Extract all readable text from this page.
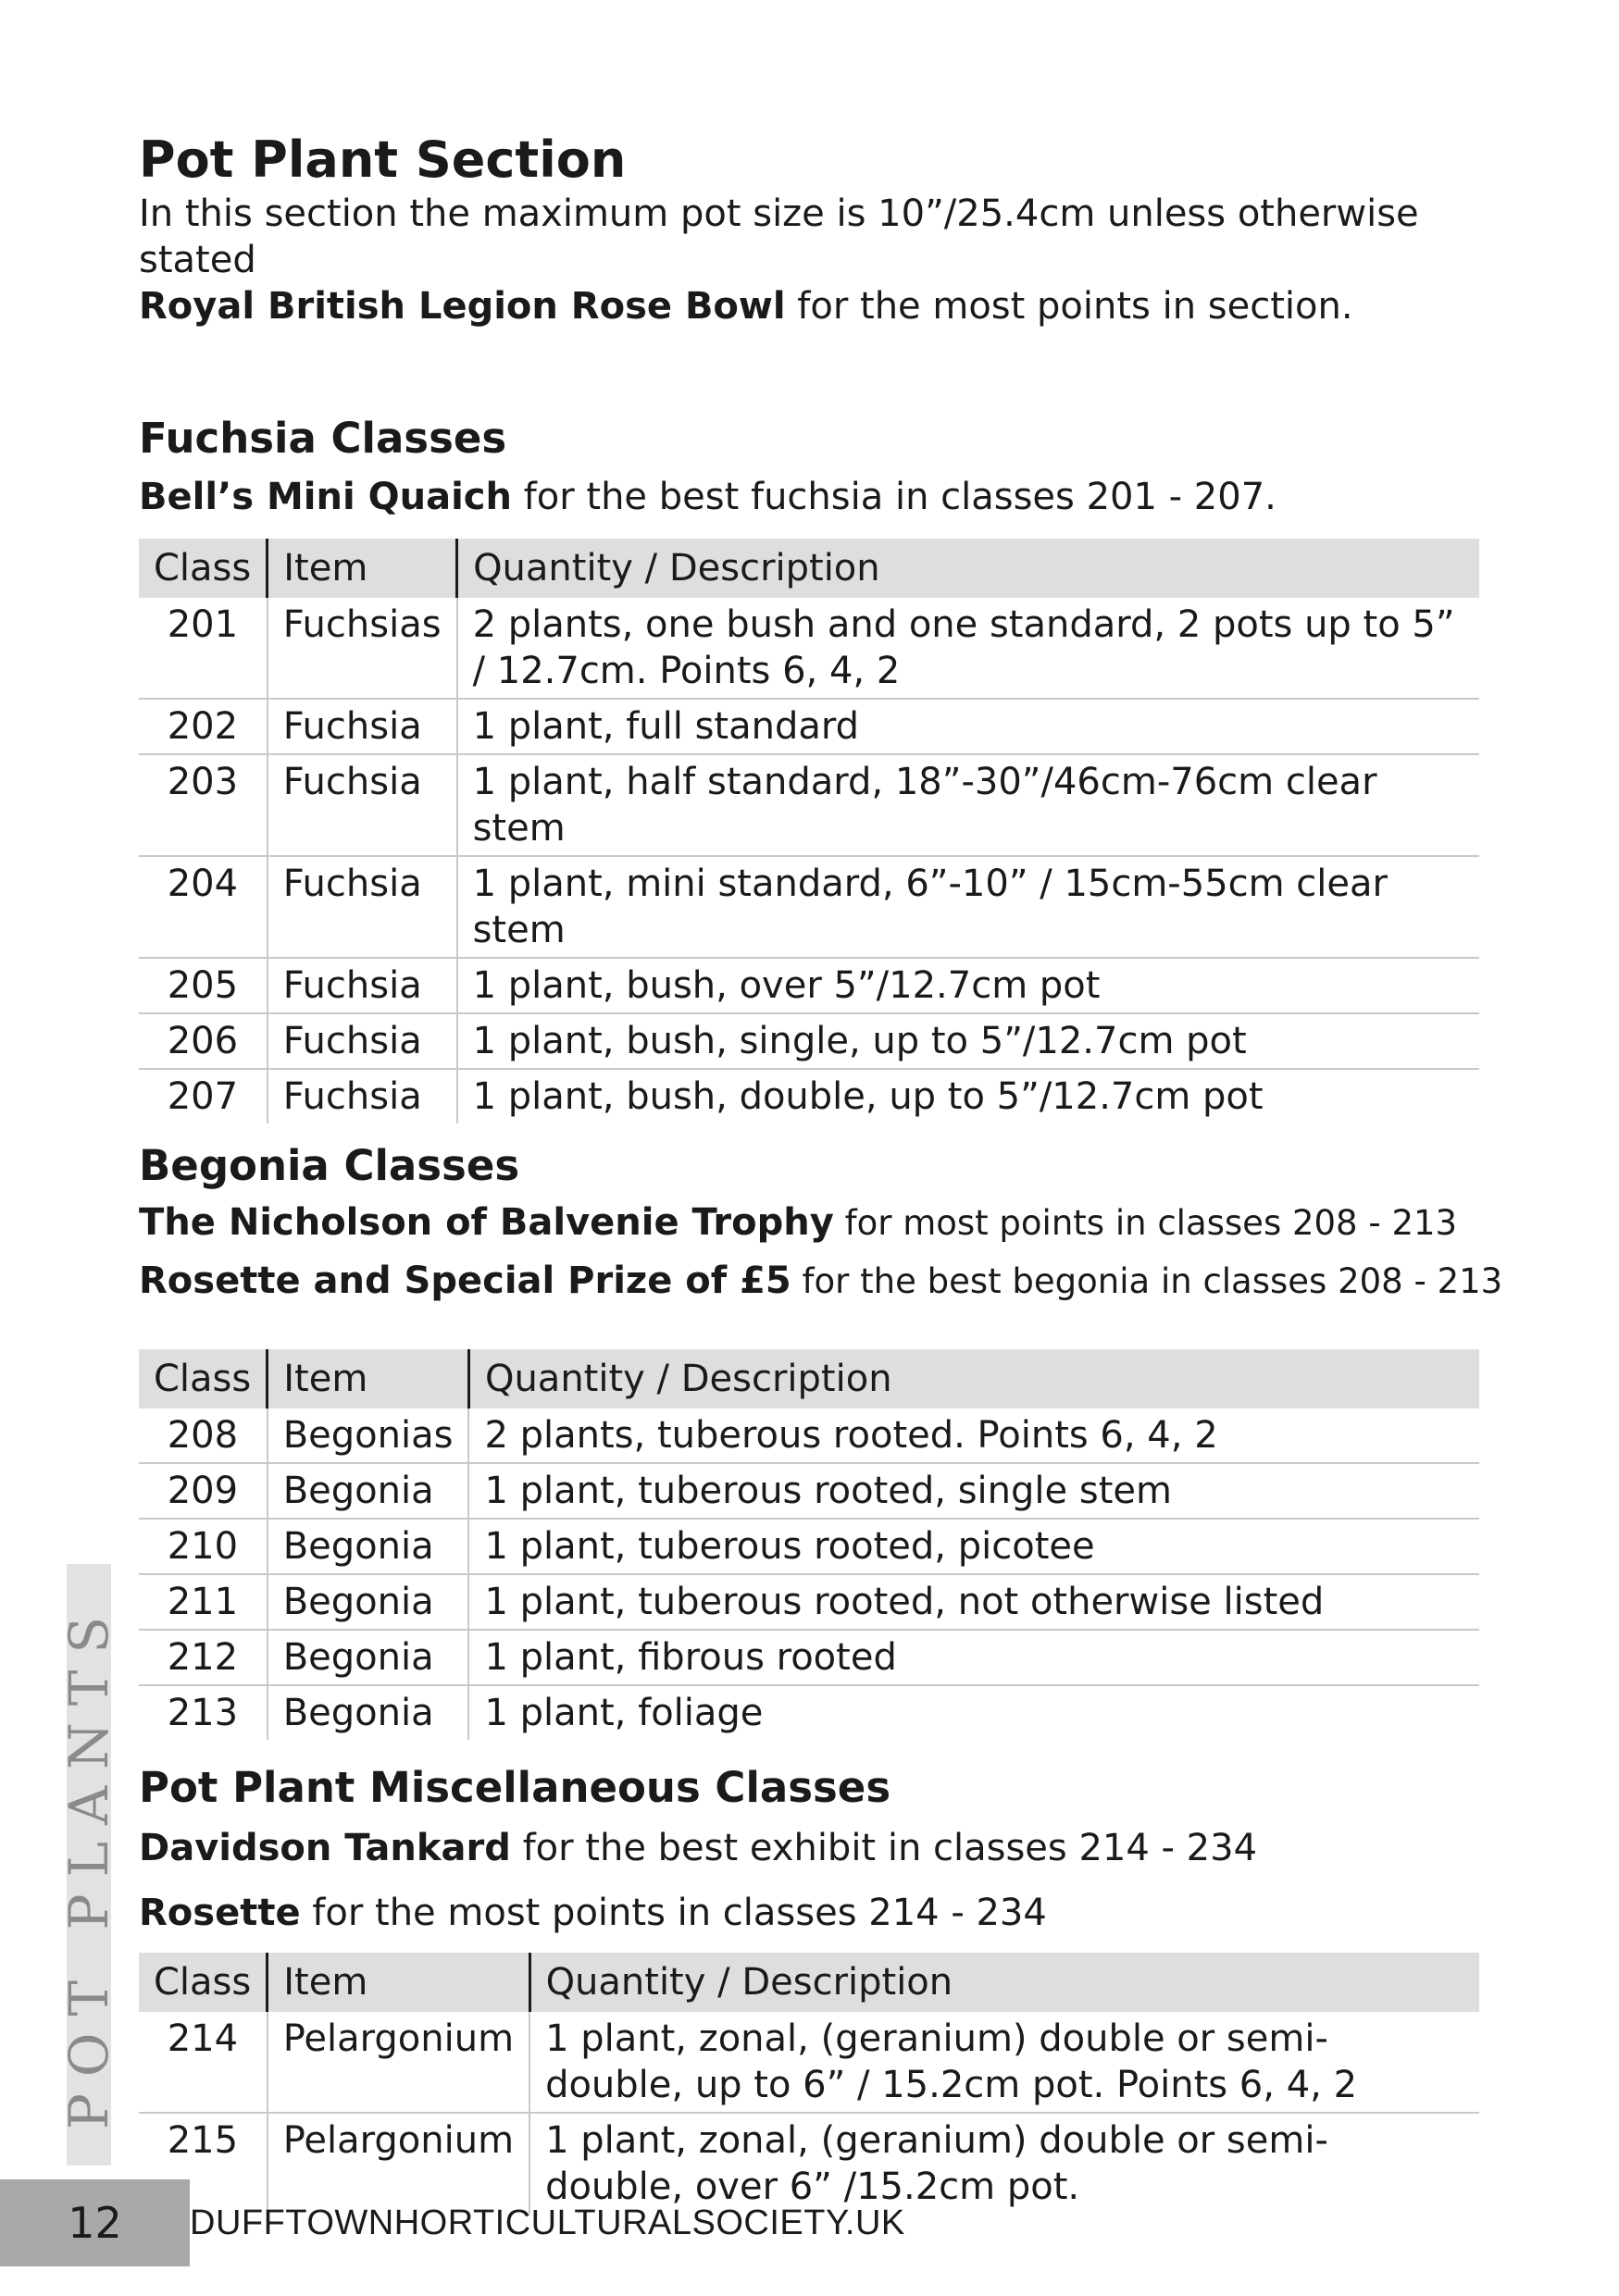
Pot Plant Section

In this section the maximum pot size is 10”/25.4cm unless otherwise stated

Royal British Legion Rose Bowl for the most points in section.

Fuchsia Classes

Bell’s Mini Quaich for the best fuchsia in classes 201 - 207.

Class	Item	Quantity / Description
201	Fuchsias	2 plants, one bush and one standard, 2 pots up to 5” / 12.7cm. Points 6, 4, 2
202	Fuchsia	1 plant, full standard
203	Fuchsia	1 plant, half standard, 18”-30”/46cm-76cm clear stem
204	Fuchsia	1 plant, mini standard, 6”-10” / 15cm-55cm clear stem
205	Fuchsia	1 plant, bush, over 5”/12.7cm pot
206	Fuchsia	1 plant, bush, single, up to 5”/12.7cm pot
207	Fuchsia	1 plant, bush, double, up to 5”/12.7cm pot
Begonia Classes

The Nicholson of Balvenie Trophy for most points in classes 208 - 213

Rosette and Special Prize of £5 for the best begonia in classes 208 - 213

Class	Item	Quantity / Description
208	Begonias	2 plants, tuberous rooted. Points 6, 4, 2
209	Begonia	1 plant, tuberous rooted, single stem
210	Begonia	1 plant, tuberous rooted, picotee
211	Begonia	1 plant, tuberous rooted, not otherwise listed
212	Begonia	1 plant, fibrous rooted
213	Begonia	1 plant, foliage
Pot Plant Miscellaneous Classes

Davidson Tankard for the best exhibit in classes 214 - 234

Rosette for the most points in classes 214 - 234

Class	Item	Quantity / Description
214	Pelargonium	1 plant, zonal, (geranium) double or semi-double, up to 6” / 15.2cm pot. Points 6, 4, 2
215	Pelargonium	1 plant, zonal, (geranium) double or semi-double, over 6” /15.2cm pot.
POT PLANTS
12	DUFFTOWNHORTICULTURALSOCIETY.UK
